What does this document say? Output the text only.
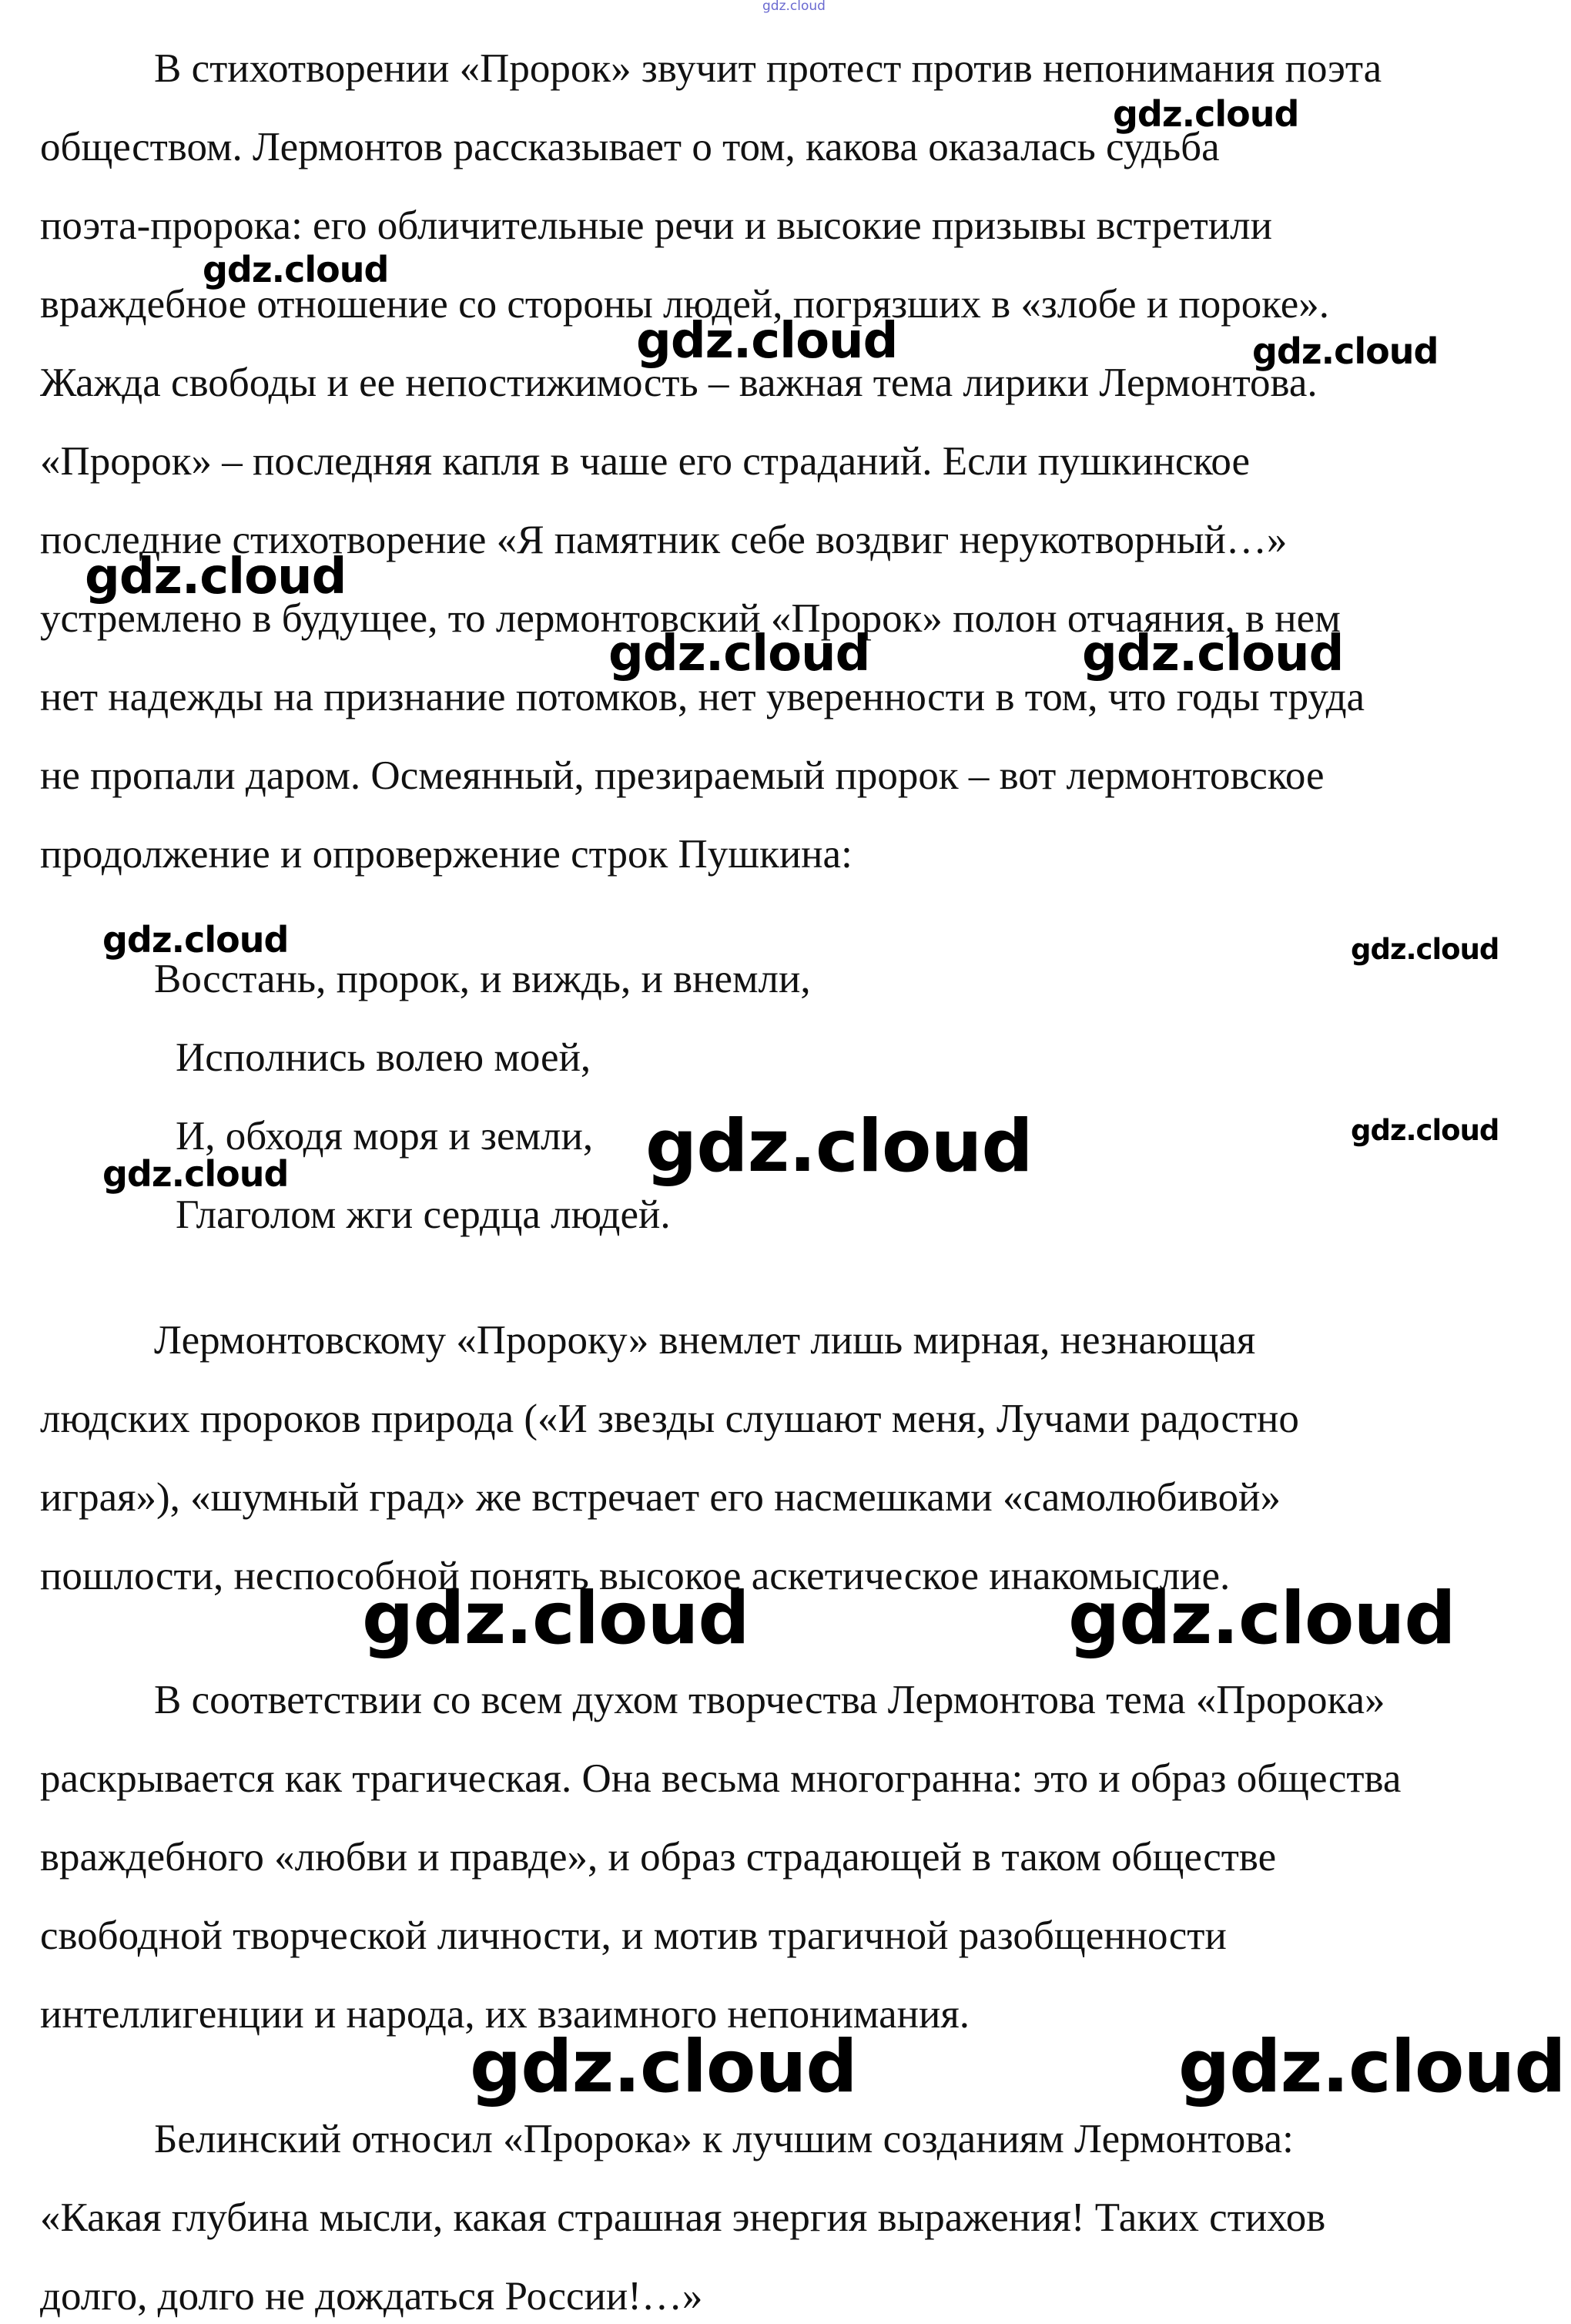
gdz.cloud
В стихотворении «Пророк» звучит протест против непонимания поэта
обществом. Лермонтов рассказывает о том, какова оказалась судьба
поэта-пророка: его обличительные речи и высокие призывы встретили
враждебное отношение со стороны людей, погрязших в «злобе и пороке».
Жажда свободы и ее непостижимость – важная тема лирики Лермонтова.
«Пророк» – последняя капля в чаше его страданий. Если пушкинское
последние стихотворение «Я памятник себе воздвиг нерукотворный…»
устремлено в будущее, то лермонтовский «Пророк» полон отчаяния, в нем
нет надежды на признание потомков, нет уверенности в том, что годы труда
не пропали даром. Осмеянный, презираемый пророк – вот лермонтовское
продолжение и опровержение строк Пушкина:
Восстань, пророк, и виждь, и внемли,
Исполнись волею моей,
И, обходя моря и земли,
Глаголом жги сердца людей.
Лермонтовскому «Пророку» внемлет лишь мирная, незнающая
людских пророков природа («И звезды слушают меня, Лучами радостно
играя»), «шумный град» же встречает его насмешками «самолюбивой»
пошлости, неспособной понять высокое аскетическое инакомыслие.
В соответствии со всем духом творчества Лермонтова тема «Пророка»
раскрывается как трагическая. Она весьма многогранна: это и образ общества
враждебного «любви и правде», и образ страдающей в таком обществе
свободной творческой личности, и мотив трагичной разобщенности
интеллигенции и народа, их взаимного непонимания.
Белинский относил «Пророка» к лучшим созданиям Лермонтова:
«Какая глубина мысли, какая страшная энергия выражения! Таких стихов
долго, долго не дождаться России!…»
gdz.cloud
gdz.cloud
gdz.cloud	gdz.cloud
gdz.cloud
gdz.cloud	gdz.cloud
gdz.cloud	gdz.cloud
gdz.cloud
gdz.cloud
gdz.cloud
gdz.cloud	gdz.cloud
gdz.cloud	gdz.cloud
